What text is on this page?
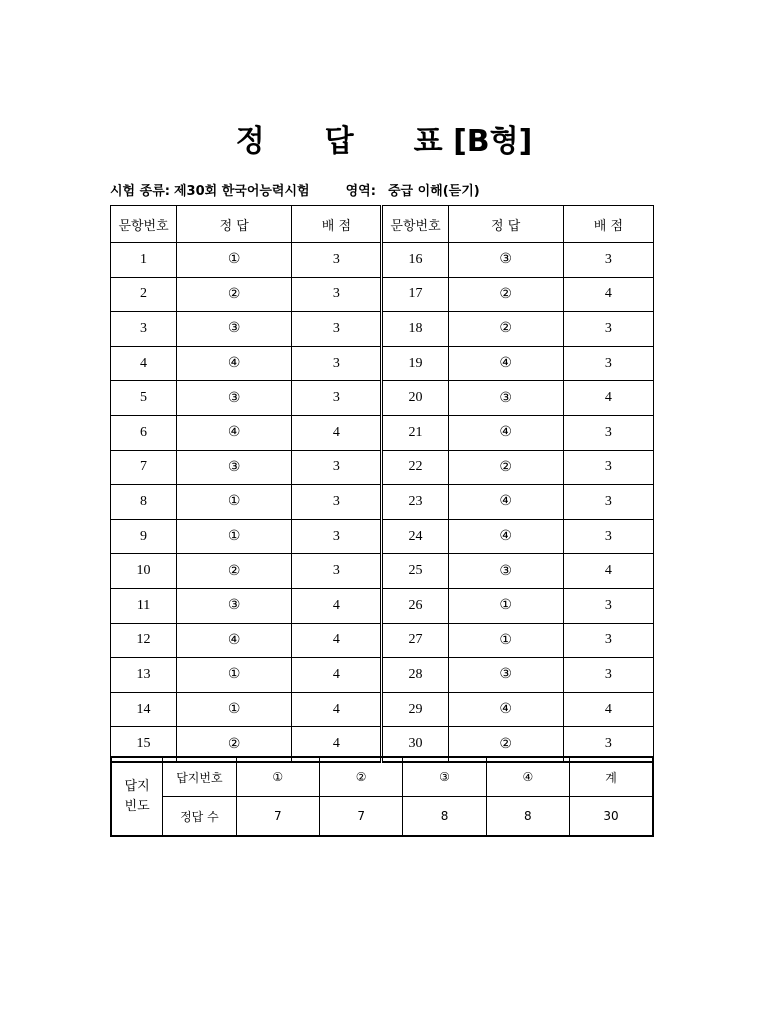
정 답 표 [B형]
시험 종류: 제30회 한국어능력시험	영역: 중급 이해(듣기)
문항번호	정 답	배 점	문항번호	정 답	배 점
1	①	3	16	③	3
2	②	3	17	②	4
3	③	3	18	②	3
4	④	3	19	④	3
5	③	3	20	③	4
6	④	4	21	④	3
7	③	3	22	②	3
8	①	3	23	④	3
9	①	3	24	④	3
10	②	3	25	③	4
11	③	4	26	①	3
12	④	4	27	①	3
13	①	4	28	③	3
14	①	4	29	④	4
15	②	4	30	②	3
답지
빈도	답지번호	①	②	③	④	계
	정답 수	7	7	8	8	30
